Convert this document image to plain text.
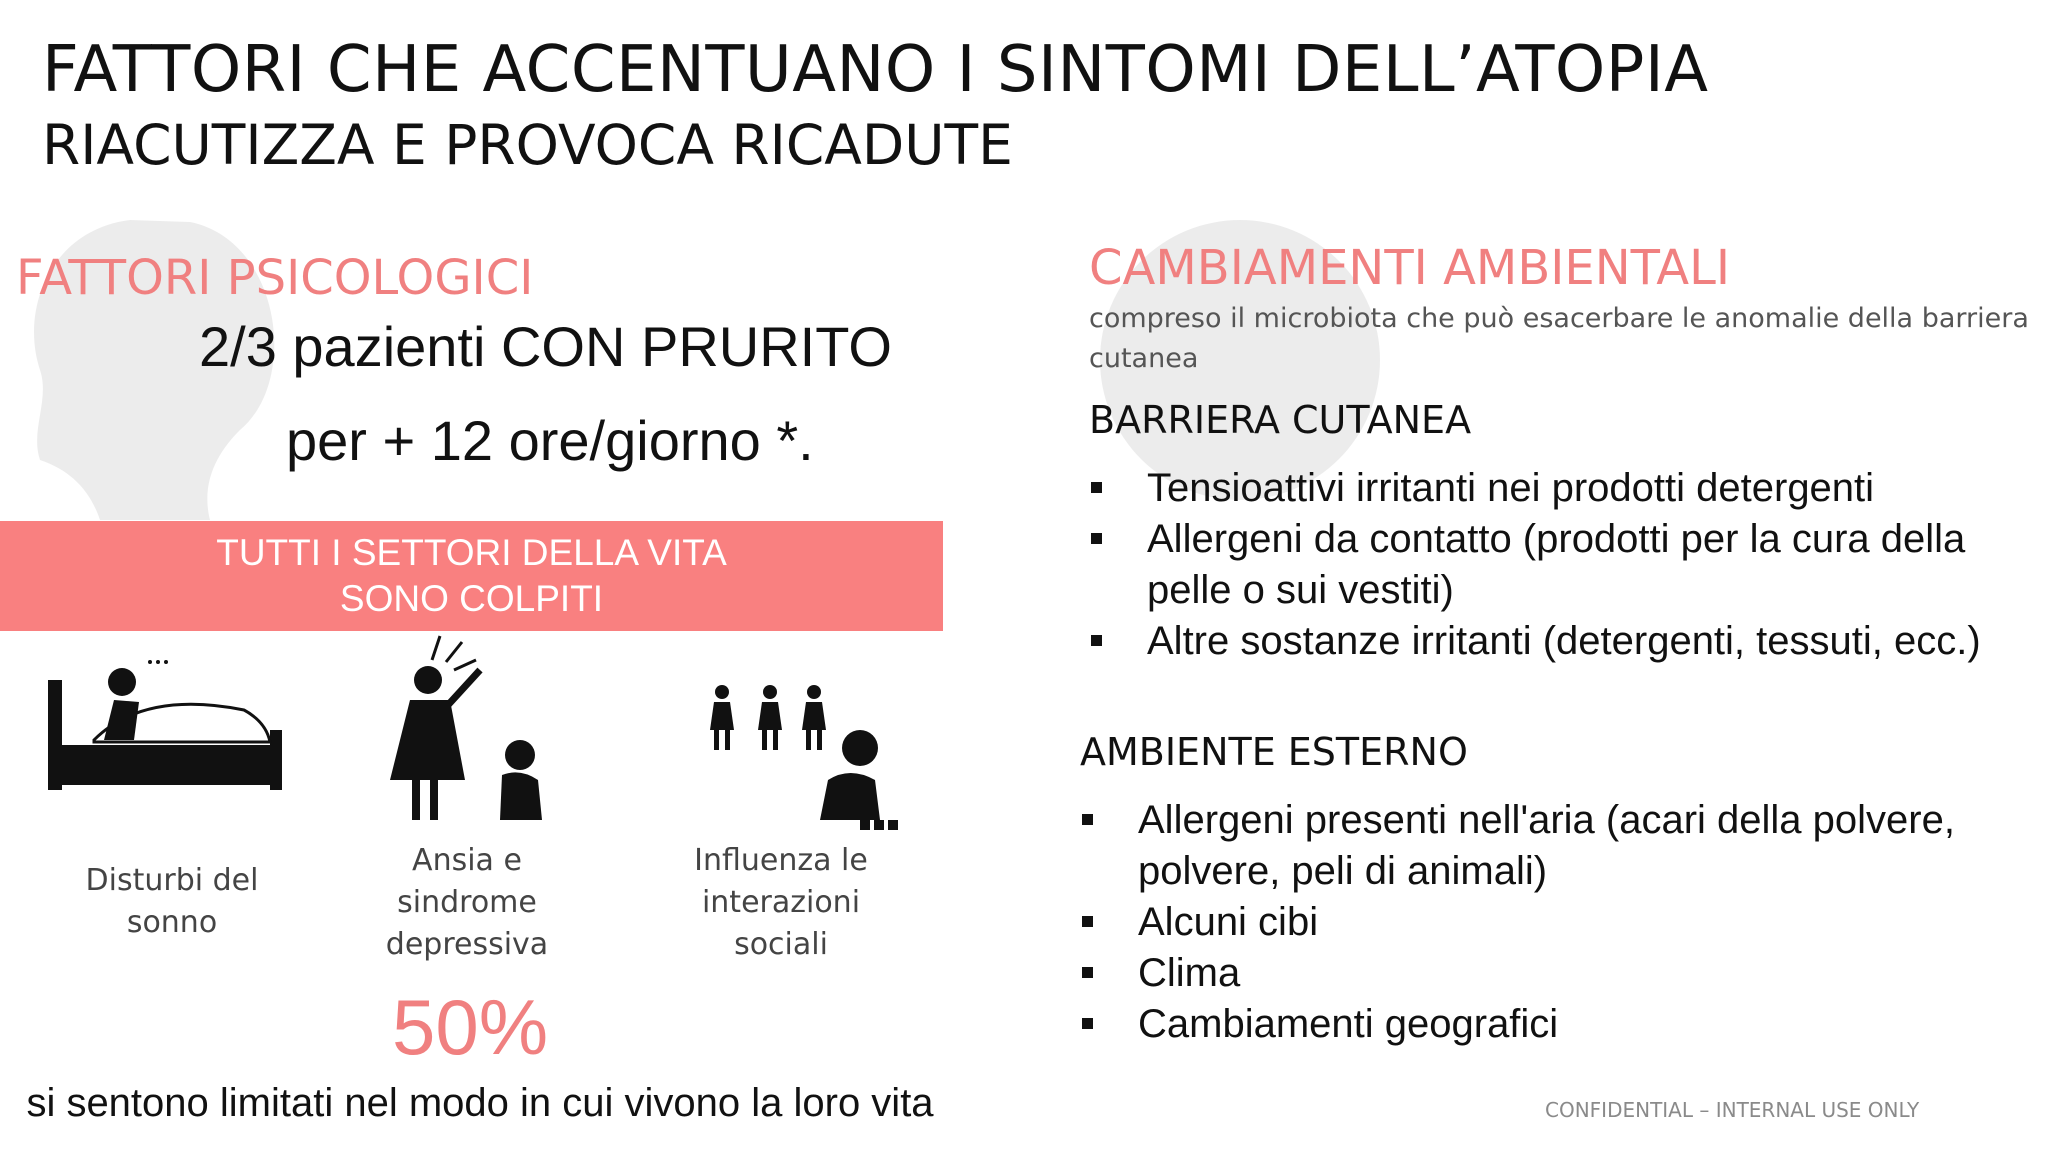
FATTORI CHE ACCENTUANO I SINTOMI DELL’ATOPIA
RIACUTIZZA E PROVOCA RICADUTE
FATTORI PSICOLOGICI
2/3 pazienti CON PRURITO
per + 12 ore/giorno *.
TUTTI I SETTORI DELLA VITA
SONO COLPITI
Disturbi del
sonno
Ansia e
sindrome
depressiva
Influenza le
interazioni
sociali
50%
si sentono limitati nel modo in cui vivono la loro vita
CAMBIAMENTI AMBIENTALI
compreso il microbiota che può esacerbare le anomalie della barriera cutanea
BARRIERA CUTANEA
Tensioattivi irritanti nei prodotti detergenti
Allergeni da contatto (prodotti per la cura della pelle o sui vestiti)
Altre sostanze irritanti (detergenti, tessuti, ecc.)
AMBIENTE ESTERNO
Allergeni presenti nell'aria (acari della polvere, polvere, peli di animali)
Alcuni cibi
Clima
Cambiamenti geografici
CONFIDENTIAL – INTERNAL USE ONLY
